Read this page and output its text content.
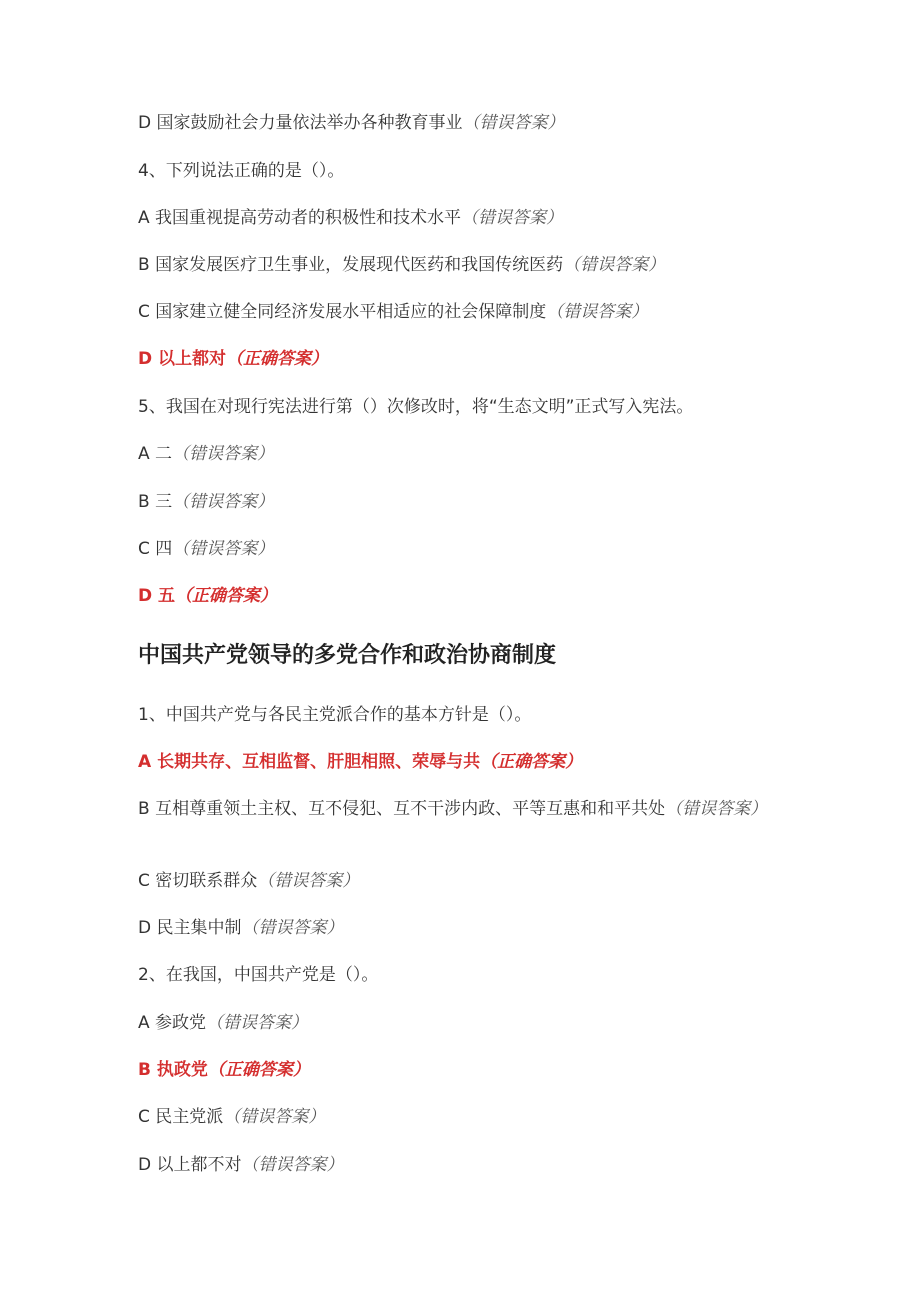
D 国家鼓励社会力量依法举办各种教育事业（错误答案）
4、下列说法正确的是（）。
A 我国重视提高劳动者的积极性和技术水平（错误答案）
B 国家发展医疗卫生事业，发展现代医药和我国传统医药（错误答案）
C 国家建立健全同经济发展水平相适应的社会保障制度（错误答案）
D 以上都对（正确答案）
5、我国在对现行宪法进行第（）次修改时，将“生态文明”正式写入宪法。
A 二（错误答案）
B 三（错误答案）
C 四（错误答案）
D 五（正确答案）
中国共产党领导的多党合作和政治协商制度
1、中国共产党与各民主党派合作的基本方针是（）。
A 长期共存、互相监督、肝胆相照、荣辱与共（正确答案）
B 互相尊重领土主权、互不侵犯、互不干涉内政、平等互惠和和平共处（错误答案）
C 密切联系群众（错误答案）
D 民主集中制（错误答案）
2、在我国，中国共产党是（）。
A 参政党（错误答案）
B 执政党（正确答案）
C 民主党派（错误答案）
D 以上都不对（错误答案）
